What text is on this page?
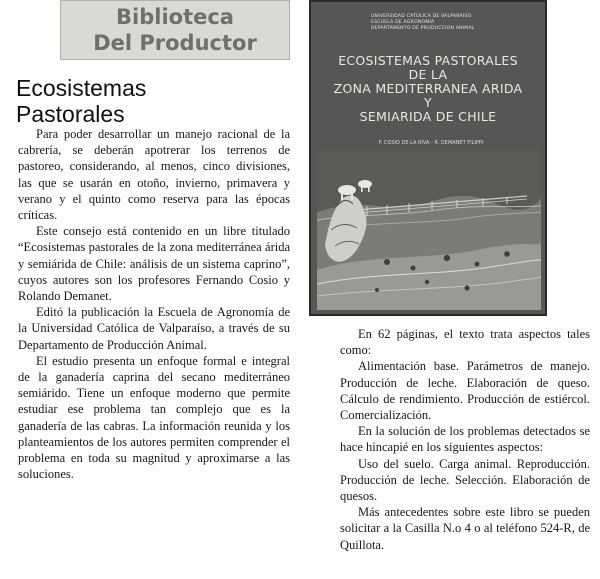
Biblioteca
Del Productor
Ecosistemas
Pastorales

Para poder desarrollar un manejo racional de la cabrería, se deberán apotrerar los terrenos de pastoreo, considerando, al menos, cinco divisiones, las que se usarán en otoño, invierno, primavera y verano y el quinto como reserva para las épocas críticas.

Este consejo está contenido en un libre titulado “Ecosistemas pastorales de la zona mediterránea árida y semiárida de Chile: análisis de un sistema caprino”, cuyos autores son los profesores Fernando Cosio y Rolando Demanet.

Editó la publicación la Escuela de Agronomía de la Universidad Católica de Valparaíso, a través de su Departamento de Producción Animal.

El estudio presenta un enfoque formal e integral de la ganadería caprina del secano mediterráneo semiárido. Tiene un enfoque moderno que permite estudiar ese problema tan complejo que es la ganadería de las cabras. La información reunida y los planteamientos de los autores permiten comprender el problema en toda su magnitud y aproximarse a las soluciones.

UNIVERSIDAD CATOLICA DE VALPARAISO
ESCUELA DE AGRONOMIA
DEPARTAMENTO DE PRODUCCION ANIMAL
ECOSISTEMAS PASTORALES
DE LA
ZONA MEDITERRANEA ARIDA
Y
SEMIARIDA DE CHILE
F. COSIO DE LA RIVA - R. DEMANET FILIPPI

En 62 páginas, el texto trata aspectos tales como:

Alimentación base. Parámetros de manejo. Producción de leche. Elaboración de queso. Cálculo de rendimiento. Producción de estiércol. Comercialización.

En la solución de los problemas detectados se hace hincapié en los siguientes aspectos:

Uso del suelo. Carga animal. Reproducción. Producción de leche. Selección. Elaboración de quesos.

Más antecedentes sobre este libro se pueden solicitar a la Casilla N.o 4 o al teléfono 524-R, de Quillota.
